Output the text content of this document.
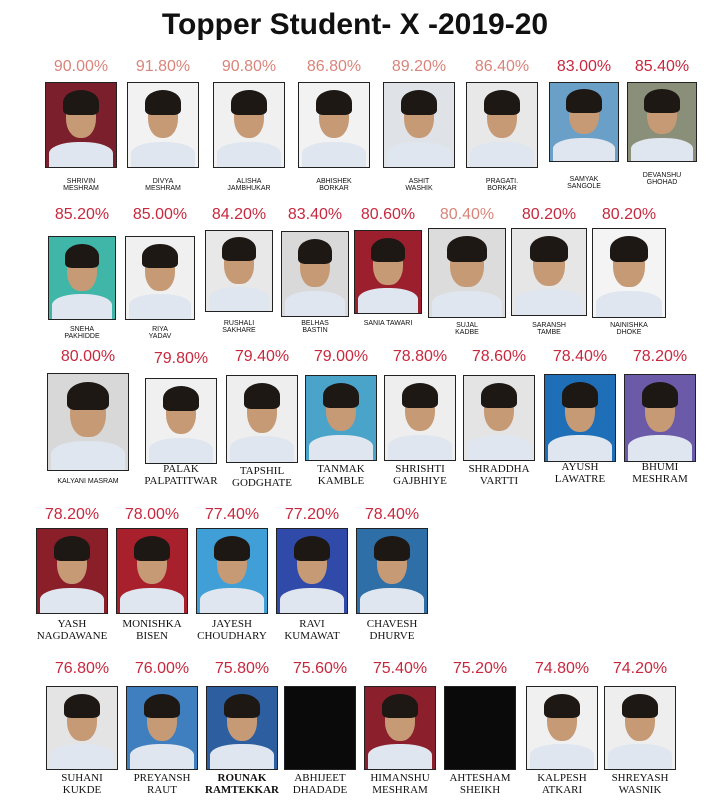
Topper Student- X -2019-20
90.00%
SHRIVIN
MESHRAM
91.80%
DIVYA
MESHRAM
90.80%
ALISHA
JAMBHUKAR
86.80%
ABHISHEK
BORKAR
89.20%
ASHIT
WASHIK
86.40%
PRAGATI.
BORKAR
83.00%
SAMYAK
SANGOLE
85.40%
DEVANSHU
GHOHAD
85.20%
SNEHA
PAKHIDDE
85.00%
RIYA
YADAV
84.20%
RUSHALI
SAKHARE
83.40%
BELHAS
BASTIN
80.60%
SANIA TAWARI
80.40%
SUJAL
KADBE
80.20%
SARANSH
TAMBE
80.20%
NAINISHKA
DHOKE
80.00%
KALYANI MASRAM
79.80%
PALAK
PALPATITWAR
79.40%
TAPSHIL
GODGHATE
79.00%
TANMAK
KAMBLE
78.80%
SHRISHTI
GAJBHIYE
78.60%
SHRADDHA
VARTTI
78.40%
AYUSH
LAWATRE
78.20%
BHUMI
MESHRAM
78.20%
YASH
NAGDAWANE
78.00%
MONISHKA
BISEN
77.40%
JAYESH
CHOUDHARY
77.20%
RAVI
KUMAWAT
78.40%
CHAVESH
DHURVE
76.80%
SUHANI
KUKDE
76.00%
PREYANSH
RAUT
75.80%
ROUNAK
RAMTEKKAR
75.60%
ABHIJEET
DHADADE
75.40%
HIMANSHU
MESHRAM
75.20%
AHTESHAM
SHEIKH
74.80%
KALPESH
ATKARI
74.20%
SHREYASH
WASNIK
